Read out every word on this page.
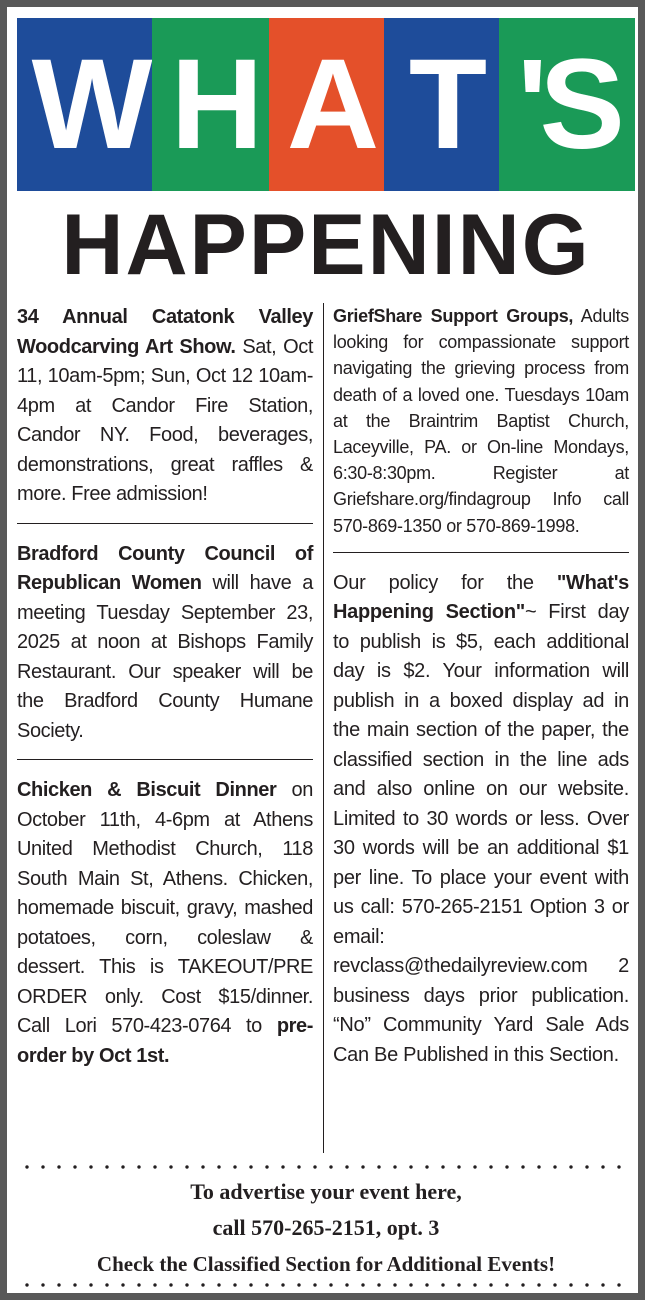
W H A T 'S
HAPPENING

34 Annual Catatonk Valley Woodcarving Art Show. Sat, Oct 11, 10am-5pm; Sun, Oct 12 10am-4pm at Candor Fire Station, Candor NY. Food, beverages, demonstrations, great raffles & more. Free admission!

Bradford County Council of Republican Women will have a meeting Tuesday September 23, 2025 at noon at Bishops Family Restaurant. Our speaker will be the Bradford County Humane Society.

Chicken & Biscuit Dinner on October 11th, 4-6pm at Athens United Methodist Church, 118 South Main St, Athens. Chicken, homemade biscuit, gravy, mashed potatoes, corn, coleslaw & dessert. This is TAKEOUT/PRE ORDER only. Cost $15/dinner. Call Lori 570-423-0764 to pre-order by Oct 1st.

GriefShare Support Groups, Adults looking for compassionate support navigating the grieving process from death of a loved one. Tuesdays 10am at the Braintrim Baptist Church, Laceyville, PA. or On-line Mondays, 6:30-8:30pm. Register at Griefshare.org/findagroup Info call 570-869-1350 or 570-869-1998.

Our policy for the "What's Happening Section"~ First day to publish is $5, each additional day is $2. Your information will publish in a boxed display ad in the main section of the paper, the classified section in the line ads and also online on our website. Limited to 30 words or less. Over 30 words will be an additional $1 per line. To place your event with us call: 570-265-2151 Option 3 or email: revclass@thedailyreview.com 2 business days prior publication. “No” Community Yard Sale Ads Can Be Published in this Section.

To advertise your event here,
call 570-265-2151, opt. 3
Check the Classified Section for Additional Events!
